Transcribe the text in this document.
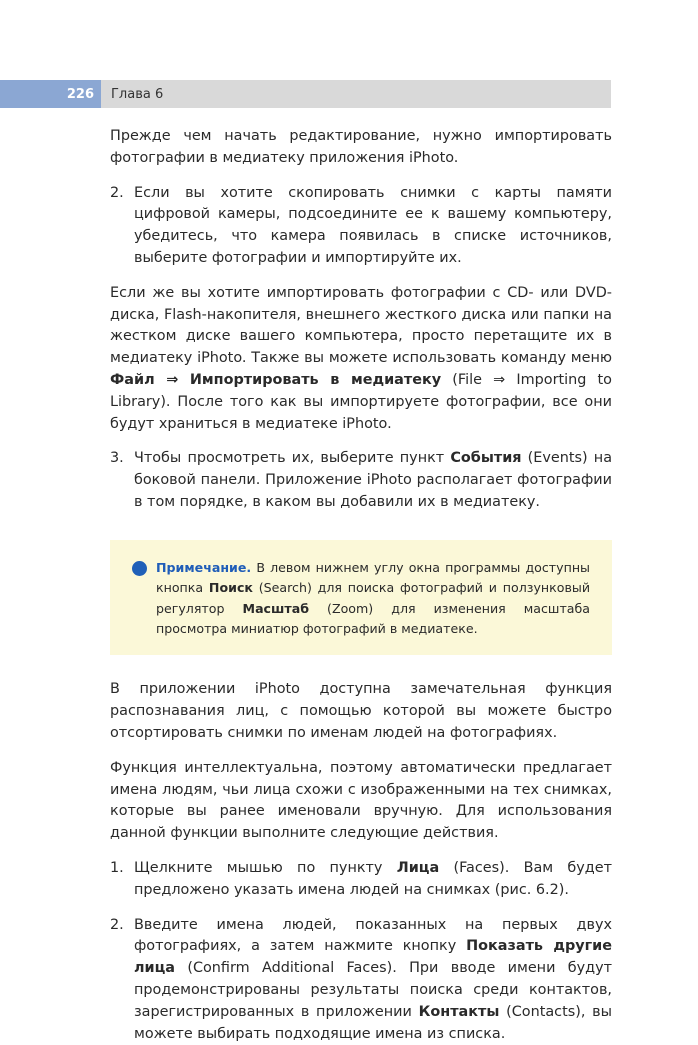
226	Глава 6

Прежде чем начать редактирование, нужно импортировать фотографии в медиатеку приложения iPhoto.

2. Если вы хотите скопировать снимки с карты памяти цифровой камеры, подсоедините ее к вашему компьютеру, убедитесь, что камера появилась в списке источников, выберите фотографии и импортируйте их.

Если же вы хотите импортировать фотографии с CD- или DVD-диска, Flash-накопителя, внешнего жесткого диска или папки на жестком диске вашего компьютера, просто перетащите их в медиатеку iPhoto. Также вы можете использовать команду меню Файл ⇒ Импортировать в медиатеку (File ⇒ Importing to Library). После того как вы импортируете фотографии, все они будут храниться в медиатеке iPhoto.

3. Чтобы просмотреть их, выберите пункт События (Events) на боковой панели. Приложение iPhoto располагает фотографии в том порядке, в каком вы добавили их в медиатеку.
Примечание. В левом нижнем углу окна программы доступны кнопка Поиск (Search) для поиска фотографий и ползунковый регулятор Масштаб (Zoom) для изменения масштаба просмотра миниатюр фотографий в медиатеке.

В приложении iPhoto доступна замечательная функция распознавания лиц, с помощью которой вы можете быстро отсортировать снимки по именам людей на фотографиях.

Функция интеллектуальна, поэтому автоматически предлагает имена людям, чьи лица схожи с изображенными на тех снимках, которые вы ранее именовали вручную. Для использования данной функции выполните следующие действия.

1. Щелкните мышью по пункту Лица (Faces). Вам будет предложено указать имена людей на снимках (рис. 6.2).
2. Введите имена людей, показанных на первых двух фотографиях, а затем нажмите кнопку Показать другие лица (Confirm Additional Faces). При вводе имени будут продемонстрированы результаты поиска среди контактов, зарегистрированных в приложении Контакты (Contacts), вы можете выбирать подходящие имена из списка.
